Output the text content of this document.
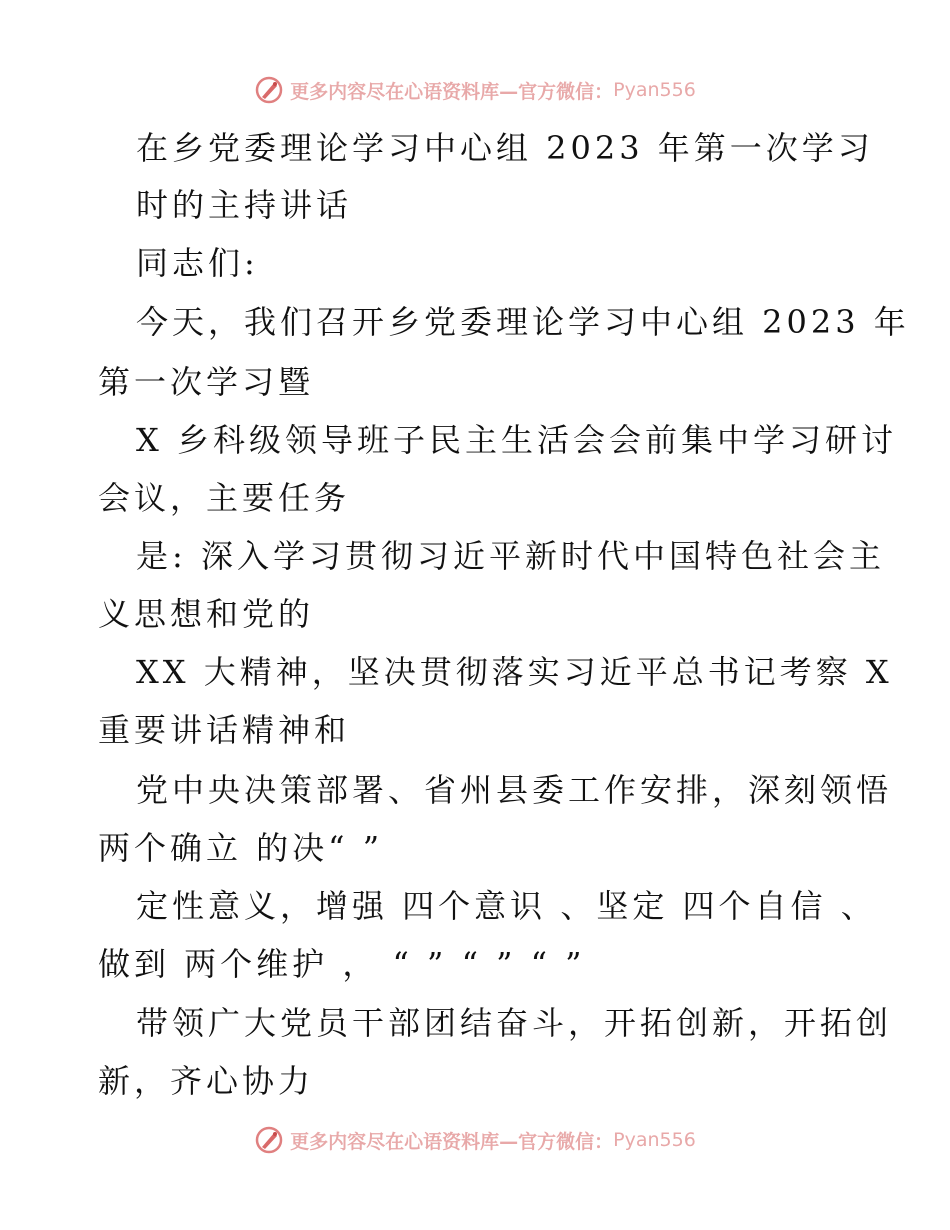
更多内容尽在心语资料库—官方微信： Pyan556
在乡党委理论学习中心组 2023 年第一次学习
时的主持讲话
同志们:
今天，我们召开乡党委理论学习中心组 2023 年
第一次学习暨
X 乡科级领导班子民主生活会会前集中学习研讨
会议，主要任务
是: 深入学习贯彻习近平新时代中国特色社会主
义思想和党的
XX 大精神，坚决贯彻落实习近平总书记考察 X
重要讲话精神和
党中央决策部署、省州县委工作安排，深刻领悟
两个确立 的决“ ”
定性意义，增强 四个意识 、坚定 四个自信 、
做到 两个维护 ， “ ” “ ” “ ”
带领广大党员干部团结奋斗，开拓创新，开拓创
新，齐心协力
更多内容尽在心语资料库—官方微信： Pyan556
